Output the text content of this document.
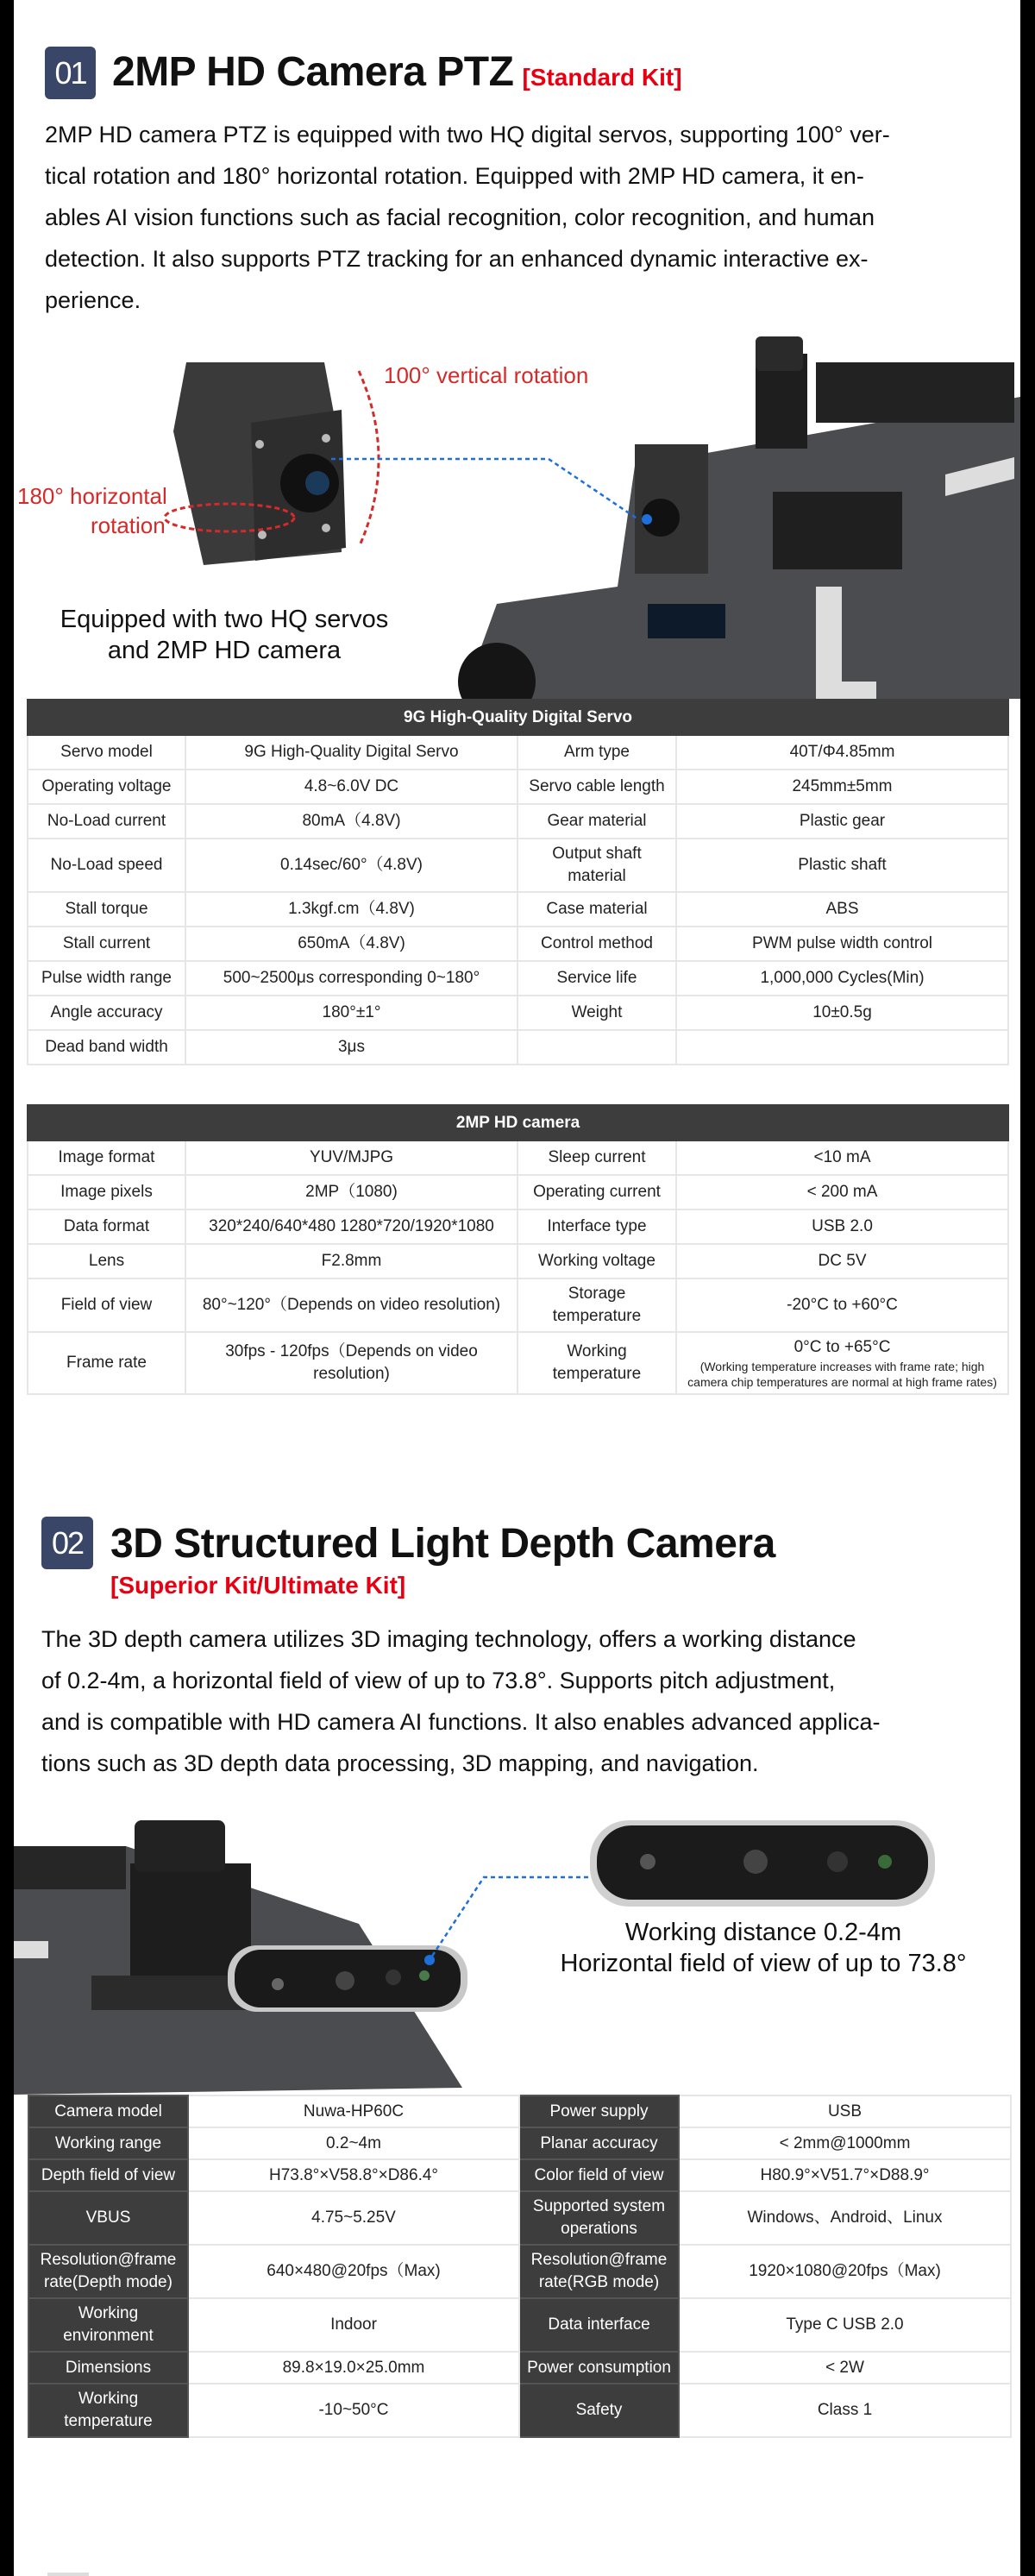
01 2MP HD Camera PTZ [Standard Kit]
2MP HD camera PTZ is equipped with two HQ digital servos, supporting 100° ver-
tical rotation and 180° horizontal rotation. Equipped with 2MP HD camera, it en-
ables AI vision functions such as facial recognition, color recognition, and human
detection. It also supports PTZ tracking for an enhanced dynamic interactive ex-
perience.
100° vertical rotation
180° horizontal
rotation
Equipped with two HQ servos
and 2MP HD camera
9G High-Quality Digital Servo			

Servo model	9G High-Quality Digital Servo	Arm type	40T/Φ4.85mm

Operating voltage	4.8~6.0V DC	Servo cable length	245mm±5mm

No-Load current	80mA（4.8V)	Gear material	Plastic gear

No-Load speed	0.14sec/60°（4.8V)	Output shaft material	Plastic shaft

Stall torque	1.3kgf.cm（4.8V)	Case material	ABS

Stall current	650mA（4.8V)	Control method	PWM pulse width control

Pulse width range	500~2500μs corresponding 0~180°	Service life	1,000,000 Cycles(Min)

Angle accuracy	180°±1°	Weight	10±0.5g

Dead band width	3μs		

2MP HD camera			

Image format	YUV/MJPG	Sleep current	<10 mA

Image pixels	2MP（1080)	Operating current	< 200 mA

Data format	320*240/640*480 1280*720/1920*1080	Interface type	USB 2.0

Lens	F2.8mm	Working voltage	DC 5V

Field of view	80°~120°（Depends on video resolution)	Storage temperature	-20°C to +60°C

Frame rate	30fps - 120fps（Depends on video resolution)	Working temperature	0°C to +65°C
(Working temperature increases with frame rate; high camera chip temperatures are normal at high frame rates)
02 3D Structured Light Depth Camera
[Superior Kit/Ultimate Kit]
The 3D depth camera utilizes 3D imaging technology, offers a working distance
of 0.2-4m, a horizontal field of view of up to 73.8°. Supports pitch adjustment,
and is compatible with HD camera AI functions. It also enables advanced applica-
tions such as 3D depth data processing, 3D mapping, and navigation.
Working distance 0.2-4m
Horizontal field of view of up to 73.8°
Camera model	Nuwa-HP60C	Power supply	USB

Working range	0.2~4m	Planar accuracy	< 2mm@1000mm

Depth field of view	H73.8°×V58.8°×D86.4°	Color field of view	H80.9°×V51.7°×D88.9°

VBUS	4.75~5.25V	Supported system operations	Windows、Android、Linux

Resolution@frame rate(Depth mode)	640×480@20fps（Max)	Resolution@frame rate(RGB mode)	1920×1080@20fps（Max)

Working environment	Indoor	Data interface	Type C USB 2.0

Dimensions	89.8×19.0×25.0mm	Power consumption	< 2W

Working temperature	-10~50°C	Safety	Class 1
